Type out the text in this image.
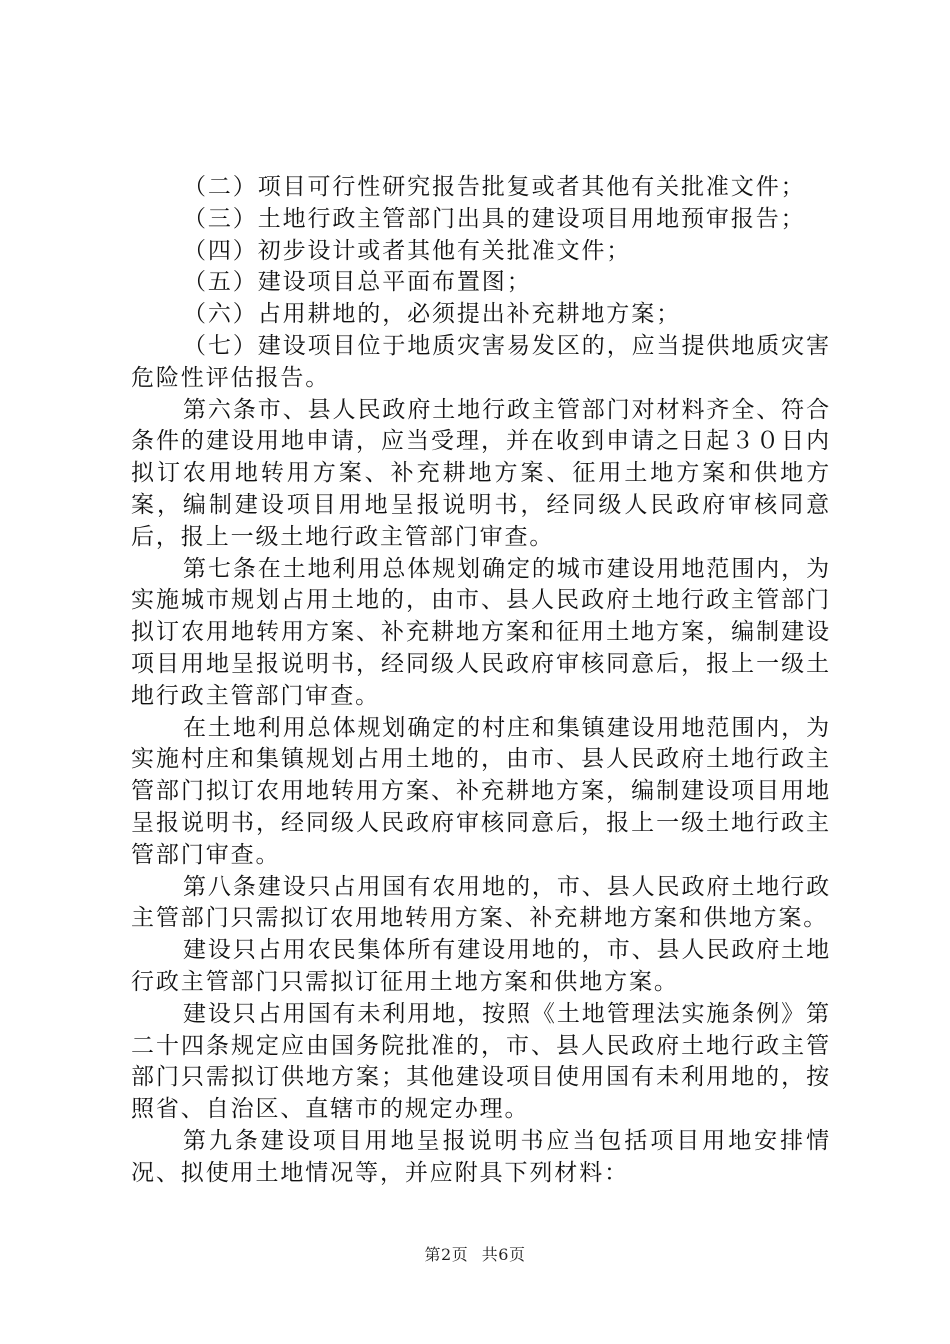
（二）项目可行性研究报告批复或者其他有关批准文件；

（三）土地行政主管部门出具的建设项目用地预审报告；

（四）初步设计或者其他有关批准文件；

（五）建设项目总平面布置图；

（六）占用耕地的，必须提出补充耕地方案；

（七）建设项目位于地质灾害易发区的，应当提供地质灾害危险性评估报告。

第六条市、县人民政府土地行政主管部门对材料齐全、符合条件的建设用地申请，应当受理，并在收到申请之日起３０日内拟订农用地转用方案、补充耕地方案、征用土地方案和供地方案，编制建设项目用地呈报说明书，经同级人民政府审核同意后，报上一级土地行政主管部门审查。

第七条在土地利用总体规划确定的城市建设用地范围内，为实施城市规划占用土地的，由市、县人民政府土地行政主管部门拟订农用地转用方案、补充耕地方案和征用土地方案，编制建设项目用地呈报说明书，经同级人民政府审核同意后，报上一级土地行政主管部门审查。

在土地利用总体规划确定的村庄和集镇建设用地范围内，为实施村庄和集镇规划占用土地的，由市、县人民政府土地行政主管部门拟订农用地转用方案、补充耕地方案，编制建设项目用地呈报说明书，经同级人民政府审核同意后，报上一级土地行政主管部门审查。

第八条建设只占用国有农用地的，市、县人民政府土地行政主管部门只需拟订农用地转用方案、补充耕地方案和供地方案。

建设只占用农民集体所有建设用地的，市、县人民政府土地行政主管部门只需拟订征用土地方案和供地方案。

建设只占用国有未利用地，按照《土地管理法实施条例》第二十四条规定应由国务院批准的，市、县人民政府土地行政主管部门只需拟订供地方案；其他建设项目使用国有未利用地的，按照省、自治区、直辖市的规定办理。

第九条建设项目用地呈报说明书应当包括项目用地安排情况、拟使用土地情况等，并应附具下列材料：

第2页 共6页
